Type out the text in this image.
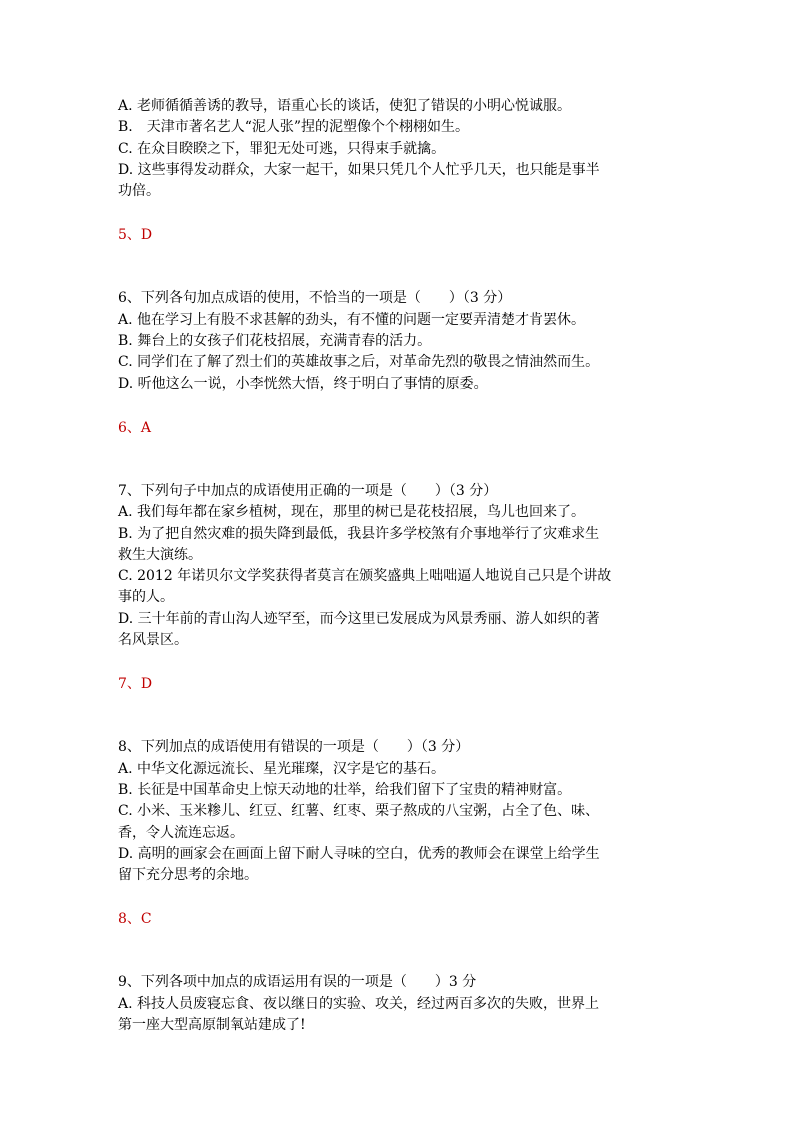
A. 老师循循善诱的教导，语重心长的谈话，使犯了错误的小明心悦诚服。

B.　天津市著名艺人“泥人张”捏的泥塑像个个栩栩如生。

C. 在众目睽睽之下，罪犯无处可逃，只得束手就擒。

D. 这些事得发动群众，大家一起干，如果只凭几个人忙乎几天，也只能是事半

功倍。

5、D

6、下列各句加点成语的使用，不恰当的一项是（　　）（3 分）

A. 他在学习上有股不求甚解的劲头，有不懂的问题一定要弄清楚才肯罢休。

B. 舞台上的女孩子们花枝招展，充满青春的活力。

C. 同学们在了解了烈士们的英雄故事之后，对革命先烈的敬畏之情油然而生。

D. 听他这么一说，小李恍然大悟，终于明白了事情的原委。

6、A

7、下列句子中加点的成语使用正确的一项是（　　）（3 分）

A. 我们每年都在家乡植树，现在，那里的树已是花枝招展，鸟儿也回来了。

B. 为了把自然灾难的损失降到最低，我县许多学校煞有介事地举行了灾难求生

救生大演练。

C. 2012 年诺贝尔文学奖获得者莫言在颁奖盛典上咄咄逼人地说自己只是个讲故

事的人。

D. 三十年前的青山沟人迹罕至，而今这里已发展成为风景秀丽、游人如织的著

名风景区。

7、D

8、下列加点的成语使用有错误的一项是（　　）（3 分）

A. 中华文化源远流长、星光璀璨，汉字是它的基石。

B. 长征是中国革命史上惊天动地的壮举，给我们留下了宝贵的精神财富。

C. 小米、玉米糁儿、红豆、红薯、红枣、栗子熬成的八宝粥，占全了色、味、

香，令人流连忘返。

D. 高明的画家会在画面上留下耐人寻味的空白，优秀的教师会在课堂上给学生

留下充分思考的余地。

8、C

9、下列各项中加点的成语运用有误的一项是（　　）3 分

A. 科技人员废寝忘食、夜以继日的实验、攻关，经过两百多次的失败，世界上

第一座大型高原制氧站建成了!
